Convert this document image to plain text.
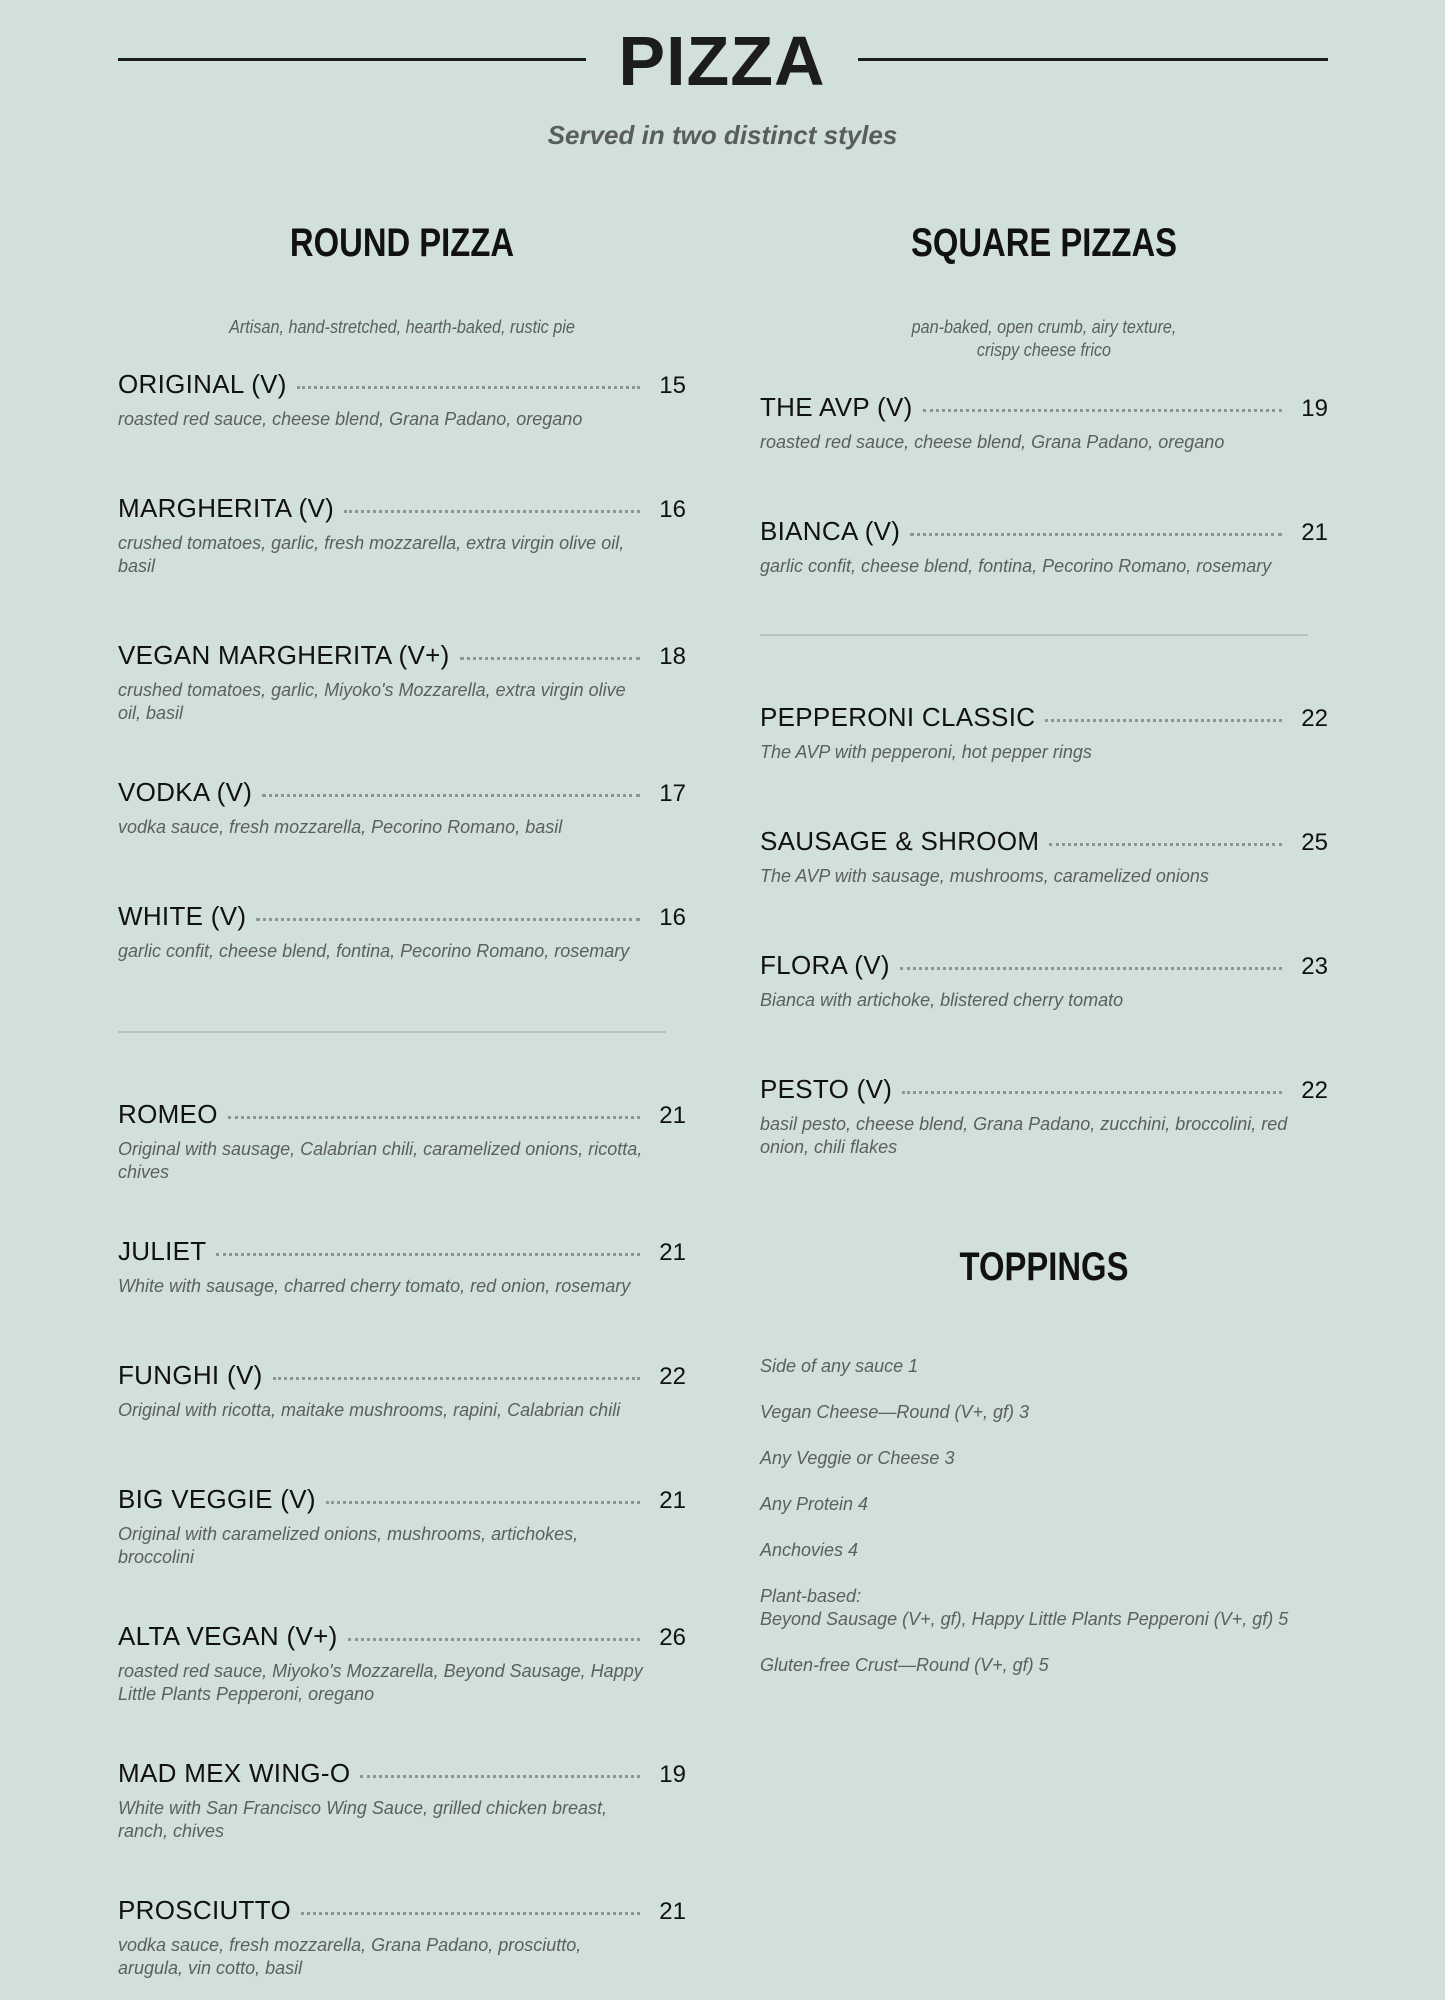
PIZZA
Served in two distinct styles
ROUND PIZZA
Artisan, hand-stretched, hearth-baked, rustic pie
ORIGINAL (V)	15
roasted red sauce, cheese blend, Grana Padano, oregano
MARGHERITA (V)	16
crushed tomatoes, garlic, fresh mozzarella, extra virgin olive oil, basil
VEGAN MARGHERITA (V+)	18
crushed tomatoes, garlic, Miyoko's Mozzarella, extra virgin olive oil, basil
VODKA (V)	17
vodka sauce, fresh mozzarella, Pecorino Romano, basil
WHITE (V)	16
garlic confit, cheese blend, fontina, Pecorino Romano, rosemary
ROMEO	21
Original with sausage, Calabrian chili, caramelized onions, ricotta, chives
JULIET	21
White with sausage, charred cherry tomato, red onion, rosemary
FUNGHI (V)	22
Original with ricotta, maitake mushrooms, rapini, Calabrian chili
BIG VEGGIE (V)	21
Original with caramelized onions, mushrooms, artichokes, broccolini
ALTA VEGAN (V+)	26
roasted red sauce, Miyoko's Mozzarella, Beyond Sausage, Happy Little Plants Pepperoni, oregano
MAD MEX WING-O	19
White with San Francisco Wing Sauce, grilled chicken breast, ranch, chives
PROSCIUTTO	21
vodka sauce, fresh mozzarella, Grana Padano, prosciutto, arugula, vin cotto, basil
SQUARE PIZZAS
pan-baked, open crumb, airy texture,
crispy cheese frico
THE AVP (V)	19
roasted red sauce, cheese blend, Grana Padano, oregano
BIANCA (V)	21
garlic confit, cheese blend, fontina, Pecorino Romano, rosemary
PEPPERONI CLASSIC	22
The AVP with pepperoni, hot pepper rings
SAUSAGE & SHROOM	25
The AVP with sausage, mushrooms, caramelized onions
FLORA (V)	23
Bianca with artichoke, blistered cherry tomato
PESTO (V)	22
basil pesto, cheese blend, Grana Padano, zucchini, broccolini, red onion, chili flakes
TOPPINGS
Side of any sauce 1
Vegan Cheese—Round (V+, gf) 3
Any Veggie or Cheese 3
Any Protein 4
Anchovies 4
Plant-based:
Beyond Sausage (V+, gf), Happy Little Plants Pepperoni (V+, gf) 5
Gluten-free Crust—Round (V+, gf) 5
